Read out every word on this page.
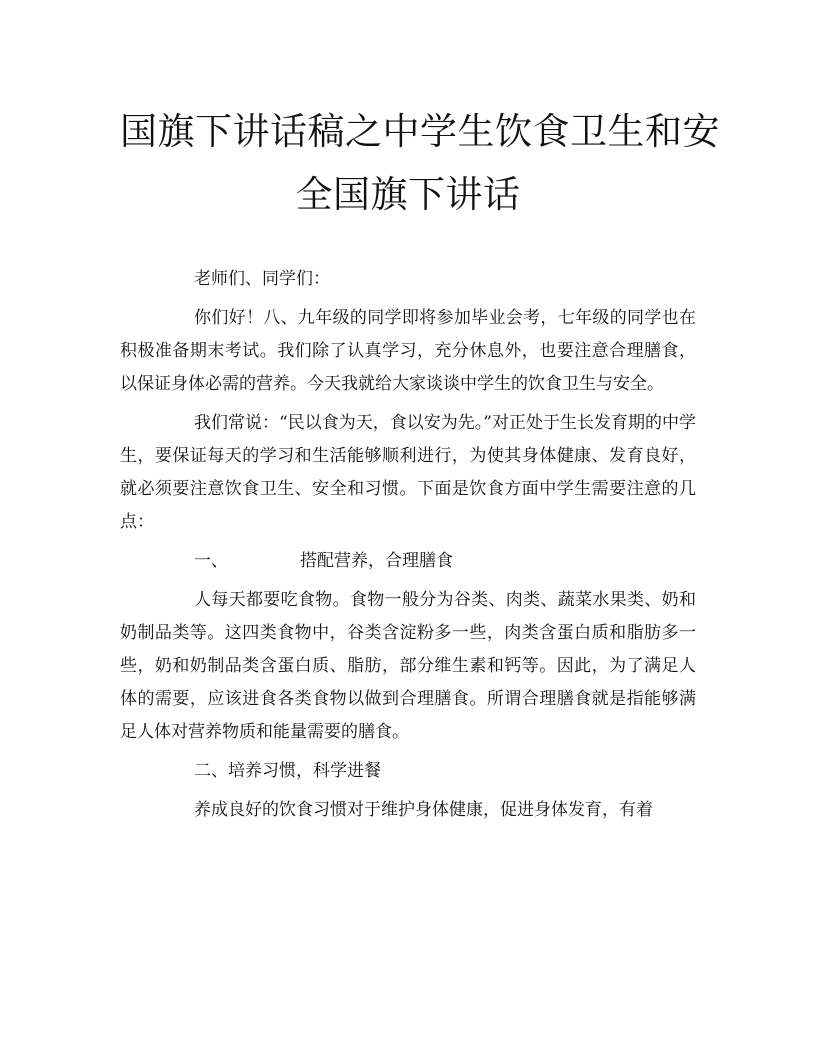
国旗下讲话稿之中学生饮食卫生和安
全国旗下讲话

老师们、同学们：

你们好！八、九年级的同学即将参加毕业会考，七年级的同学也在积极准备期末考试。我们除了认真学习，充分休息外，也要注意合理膳食，以保证身体必需的营养。今天我就给大家谈谈中学生的饮食卫生与安全。

我们常说：“民以食为天，食以安为先。”对正处于生长发育期的中学生，要保证每天的学习和生活能够顺利进行，为使其身体健康、发育良好，就必须要注意饮食卫生、安全和习惯。下面是饮食方面中学生需要注意的几点：

一、	搭配营养，合理膳食

人每天都要吃食物。食物一般分为谷类、肉类、蔬菜水果类、奶和奶制品类等。这四类食物中，谷类含淀粉多一些，肉类含蛋白质和脂肪多一些，奶和奶制品类含蛋白质、脂肪，部分维生素和钙等。因此，为了满足人体的需要，应该进食各类食物以做到合理膳食。所谓合理膳食就是指能够满足人体对营养物质和能量需要的膳食。

二、培养习惯，科学进餐

养成良好的饮食习惯对于维护身体健康，促进身体发育，有着
